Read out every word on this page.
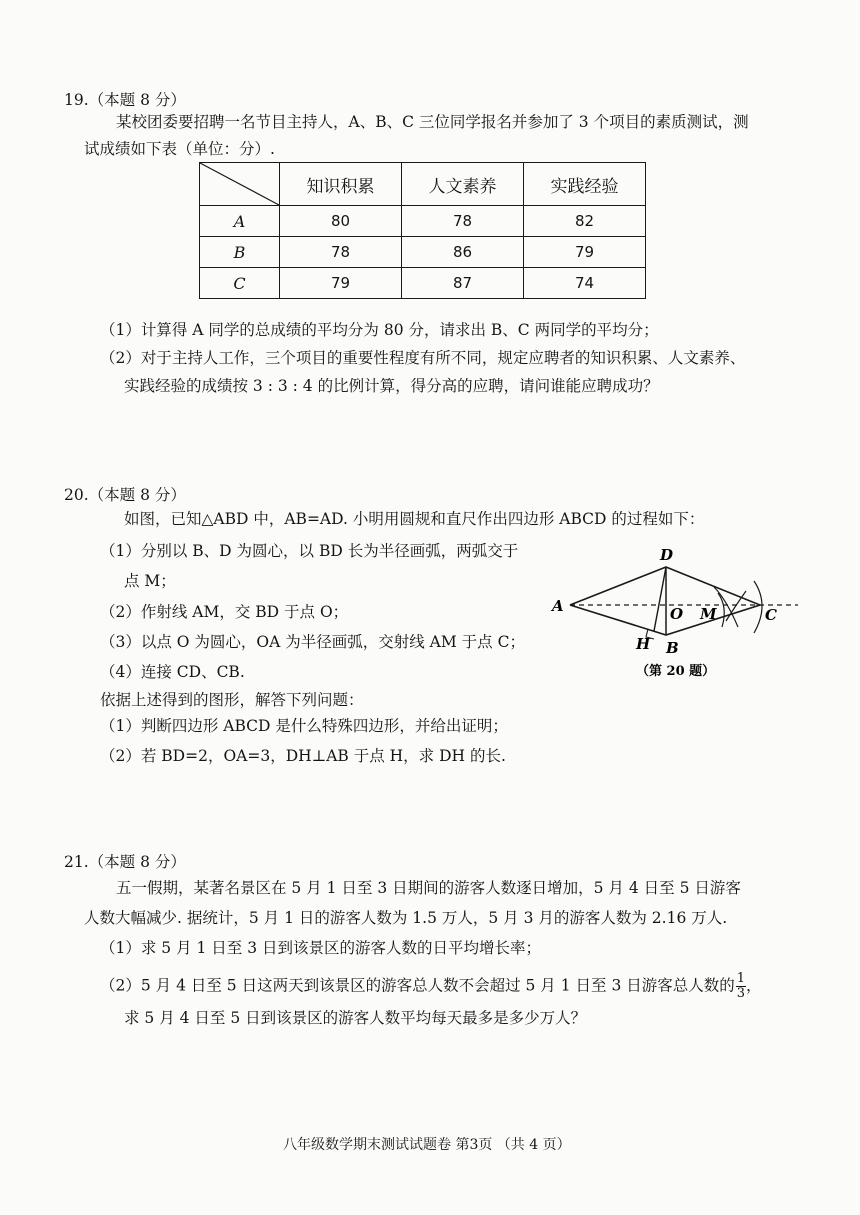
19.（本题 8 分）
某校团委要招聘一名节目主持人，A、B、C 三位同学报名并参加了 3 个项目的素质测试，测
试成绩如下表（单位：分）.
	知识积累	人文素养	实践经验
A	80	78	82
B	78	86	79
C	79	87	74
（1）计算得 A 同学的总成绩的平均分为 80 分，请求出 B、C 两同学的平均分；
（2）对于主持人工作，三个项目的重要性程度有所不同，规定应聘者的知识积累、人文素养、
实践经验的成绩按 3 : 3 : 4 的比例计算，得分高的应聘，请问谁能应聘成功？
20.（本题 8 分）
如图，已知△ABD 中，AB=AD. 小明用圆规和直尺作出四边形 ABCD 的过程如下：
（1）分别以 B、D 为圆心，以 BD 长为半径画弧，两弧交于
点 M；
（2）作射线 AM，交 BD 于点 O；
（3）以点 O 为圆心，OA 为半径画弧，交射线 AM 于点 C；
（4）连接 CD、CB.
依据上述得到的图形，解答下列问题：
（1）判断四边形 ABCD 是什么特殊四边形，并给出证明；
（2）若 BD=2，OA=3，DH⊥AB 于点 H，求 DH 的长.
A
D
O M	C
H B
（第 20 题）
21.（本题 8 分）
五一假期，某著名景区在 5 月 1 日至 3 日期间的游客人数逐日增加，5 月 4 日至 5 日游客
人数大幅减少. 据统计，5 月 1 日的游客人数为 1.5 万人，5 月 3 月的游客人数为 2.16 万人.
（1）求 5 月 1 日至 3 日到该景区的游客人数的日平均增长率；
（2）5 月 4 日至 5 日这两天到该景区的游客总人数不会超过 5 月 1 日至 3 日游客总人数的 $\frac{1}{3}$ ，
求 5 月 4 日至 5 日到该景区的游客人数平均每天最多是多少万人？
八年级数学期末测试试题卷 第3页 （共 4 页）
